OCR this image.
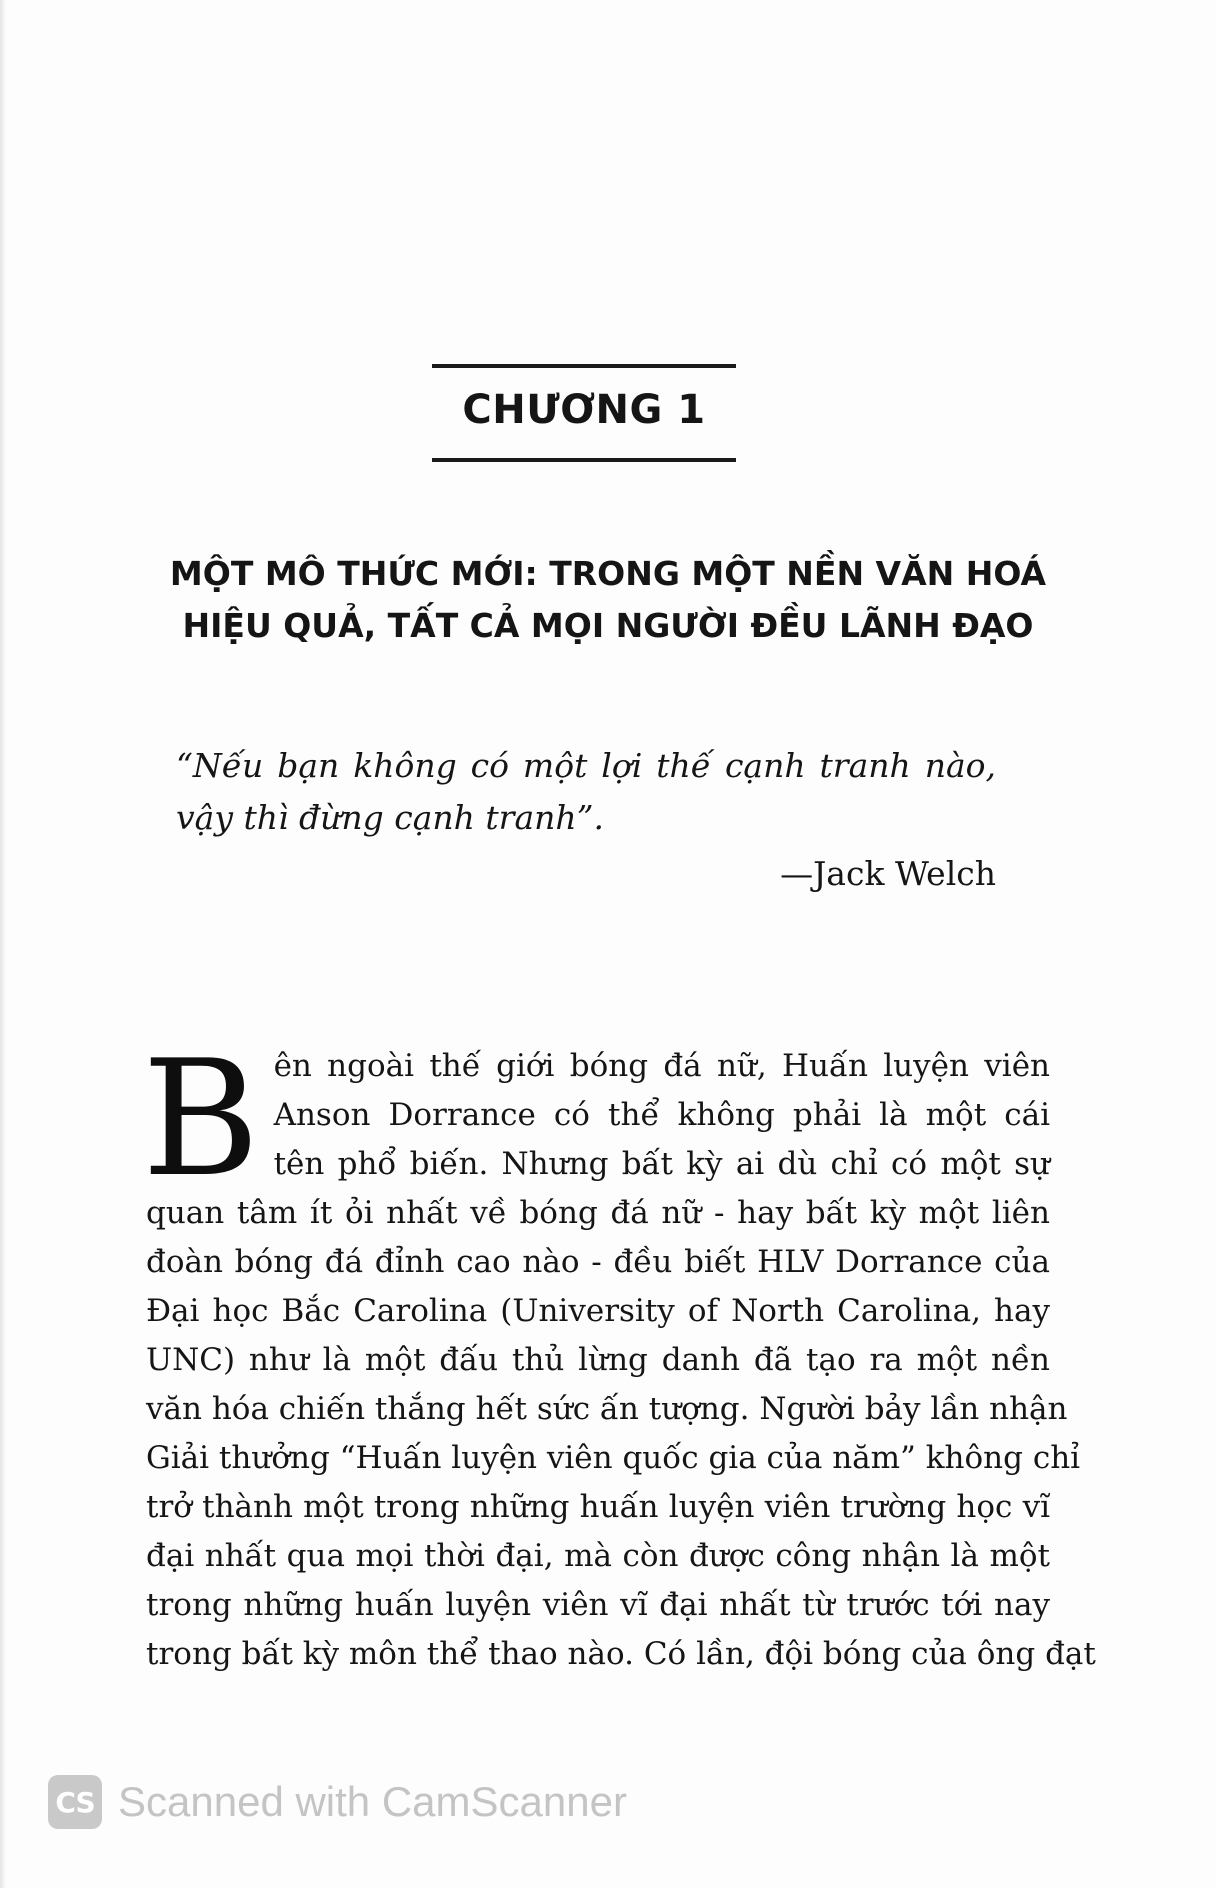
CHƯƠNG 1
MỘT MÔ THỨC MỚI: TRONG MỘT NỀN VĂN HOÁ
HIỆU QUẢ, TẤT CẢ MỌI NGƯỜI ĐỀU LÃNH ĐẠO
“Nếu bạn không có một lợi thế cạnh tranh nào,
vậy thì đừng cạnh tranh”.
—Jack Welch
B ên ngoài thế giới bóng đá nữ, Huấn luyện viên
Anson Dorrance có thể không phải là một cái
tên phổ biến. Nhưng bất kỳ ai dù chỉ có một sự
quan tâm ít ỏi nhất về bóng đá nữ - hay bất kỳ một liên
đoàn bóng đá đỉnh cao nào - đều biết HLV Dorrance của
Đại học Bắc Carolina (University of North Carolina, hay
UNC) như là một đấu thủ lừng danh đã tạo ra một nền
văn hóa chiến thắng hết sức ấn tượng. Người bảy lần nhận
Giải thưởng “Huấn luyện viên quốc gia của năm” không chỉ
trở thành một trong những huấn luyện viên trường học vĩ
đại nhất qua mọi thời đại, mà còn được công nhận là một
trong những huấn luyện viên vĩ đại nhất từ trước tới nay
trong bất kỳ môn thể thao nào. Có lần, đội bóng của ông đạt
CS Scanned with CamScanner
